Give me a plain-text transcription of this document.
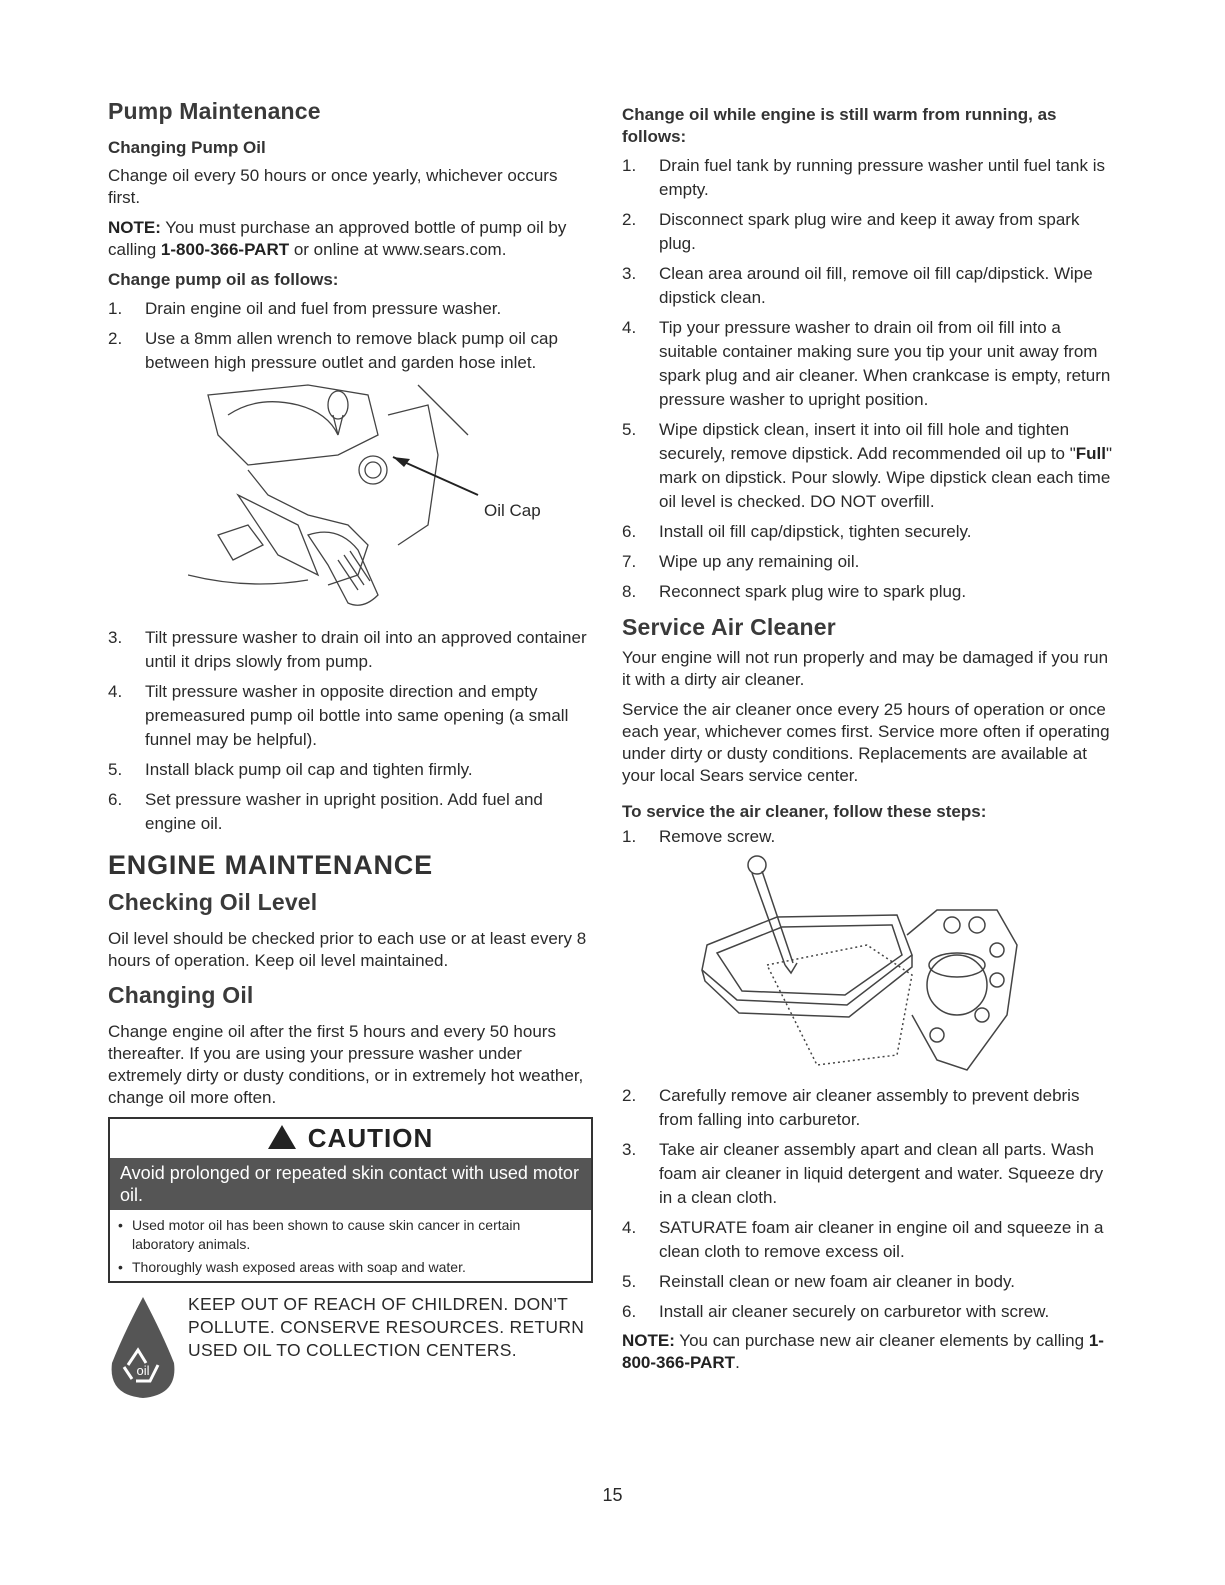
Pump Maintenance
Changing Pump Oil

Change oil every 50 hours or once yearly, whichever occurs first.

NOTE: You must purchase an approved bottle of pump oil by calling 1-800-366-PART or online at www.sears.com.

Change pump oil as follows:
1. Drain engine oil and fuel from pressure washer.
2. Use a 8mm allen wrench to remove black pump oil cap between high pressure outlet and garden hose inlet.
Oil Cap
3. Tilt pressure washer to drain oil into an approved container until it drips slowly from pump.
4. Tilt pressure washer in opposite direction and empty premeasured pump oil bottle into same opening (a small funnel may be helpful).
5. Install black pump oil cap and tighten firmly.
6. Set pressure washer in upright position. Add fuel and engine oil.
ENGINE MAINTENANCE
Checking Oil Level

Oil level should be checked prior to each use or at least every 8 hours of operation. Keep oil level maintained.

Changing Oil

Change engine oil after the first 5 hours and every 50 hours thereafter. If you are using your pressure washer under extremely dirty or dusty conditions, or in extremely hot weather, change oil more often.

CAUTION
Avoid prolonged or repeated skin contact with used motor oil.
• Used motor oil has been shown to cause skin cancer in certain laboratory animals.
• Thoroughly wash exposed areas with soap and water.
oil
KEEP OUT OF REACH OF CHILDREN. DON'T POLLUTE. CONSERVE RESOURCES. RETURN USED OIL TO COLLECTION CENTERS.
Change oil while engine is still warm from running, as follows:
1. Drain fuel tank by running pressure washer until fuel tank is empty.
2. Disconnect spark plug wire and keep it away from spark plug.
3. Clean area around oil fill, remove oil fill cap/dipstick. Wipe dipstick clean.
4. Tip your pressure washer to drain oil from oil fill into a suitable container making sure you tip your unit away from spark plug and air cleaner. When crankcase is empty, return pressure washer to upright position.
5. Wipe dipstick clean, insert it into oil fill hole and tighten securely, remove dipstick. Add recommended oil up to "Full" mark on dipstick. Pour slowly. Wipe dipstick clean each time oil level is checked. DO NOT overfill.
6. Install oil fill cap/dipstick, tighten securely.
7. Wipe up any remaining oil.
8. Reconnect spark plug wire to spark plug.
Service Air Cleaner

Your engine will not run properly and may be damaged if you run it with a dirty air cleaner.

Service the air cleaner once every 25 hours of operation or once each year, whichever comes first. Service more often if operating under dirty or dusty conditions. Replacements are available at your local Sears service center.

To service the air cleaner, follow these steps:
1. Remove screw.
2. Carefully remove air cleaner assembly to prevent debris from falling into carburetor.
3. Take air cleaner assembly apart and clean all parts. Wash foam air cleaner in liquid detergent and water. Squeeze dry in a clean cloth.
4. SATURATE foam air cleaner in engine oil and squeeze in a clean cloth to remove excess oil.
5. Reinstall clean or new foam air cleaner in body.
6. Install air cleaner securely on carburetor with screw.

NOTE: You can purchase new air cleaner elements by calling 1-800-366-PART.

15
